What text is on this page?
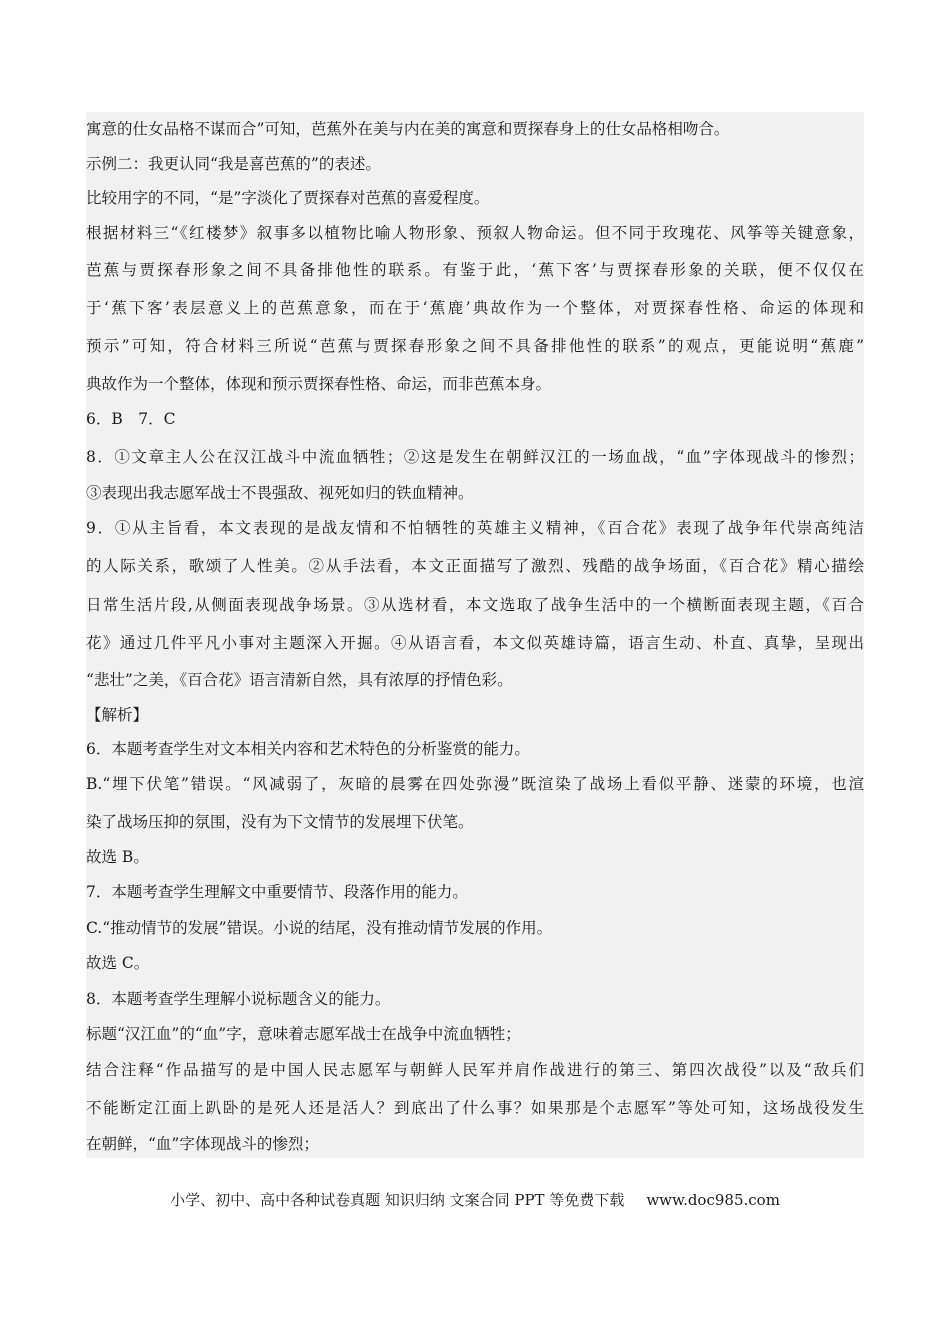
寓意的仕女品格不谋而合”可知，芭蕉外在美与内在美的寓意和贾探春身上的仕女品格相吻合。
示例二：我更认同“我是喜芭蕉的”的表述。
比较用字的不同，“是”字淡化了贾探春对芭蕉的喜爱程度。
根据材料三“《红楼梦》叙事多以植物比喻人物形象、预叙人物命运。但不同于玫瑰花、风筝等关键意象，
芭蕉与贾探春形象之间不具备排他性的联系。有鉴于此，‘蕉下客’与贾探春形象的关联，便不仅仅在
于‘蕉下客’表层意义上的芭蕉意象，而在于‘蕉鹿’典故作为一个整体，对贾探春性格、命运的体现和
预示”可知，符合材料三所说“芭蕉与贾探春形象之间不具备排他性的联系”的观点，更能说明“蕉鹿”
典故作为一个整体，体现和预示贾探春性格、命运，而非芭蕉本身。
6．B　7．C
8．①文章主人公在汉江战斗中流血牺牲；②这是发生在朝鲜汉江的一场血战，“血”字体现战斗的惨烈；
③表现出我志愿军战士不畏强敌、视死如归的铁血精神。
9．①从主旨看，本文表现的是战友情和不怕牺牲的英雄主义精神，《百合花》表现了战争年代崇高纯洁
的人际关系，歌颂了人性美。②从手法看，本文正面描写了激烈、残酷的战争场面，《百合花》精心描绘
日常生活片段,从侧面表现战争场景。③从选材看，本文选取了战争生活中的一个横断面表现主题，《百合
花》通过几件平凡小事对主题深入开掘。④从语言看，本文似英雄诗篇，语言生动、朴直、真挚，呈现出
“悲壮”之美，《百合花》语言清新自然，具有浓厚的抒情色彩。
【解析】
6．本题考查学生对文本相关内容和艺术特色的分析鉴赏的能力。
B.“埋下伏笔”错误。“风减弱了，灰暗的晨雾在四处弥漫”既渲染了战场上看似平静、迷蒙的环境，也渲
染了战场压抑的氛围，没有为下文情节的发展埋下伏笔。
故选 B。
7．本题考查学生理解文中重要情节、段落作用的能力。
C.“推动情节的发展”错误。小说的结尾，没有推动情节发展的作用。
故选 C。
8．本题考查学生理解小说标题含义的能力。
标题“汉江血”的“血”字，意味着志愿军战士在战争中流血牺牲；
结合注释“作品描写的是中国人民志愿军与朝鲜人民军并肩作战进行的第三、第四次战役”以及“敌兵们
不能断定江面上趴卧的是死人还是活人？到底出了什么事？如果那是个志愿军”等处可知，这场战役发生
在朝鲜，“血”字体现战斗的惨烈；
小学、初中、高中各种试卷真题 知识归纳 文案合同 PPT 等免费下载 www.doc985.com
